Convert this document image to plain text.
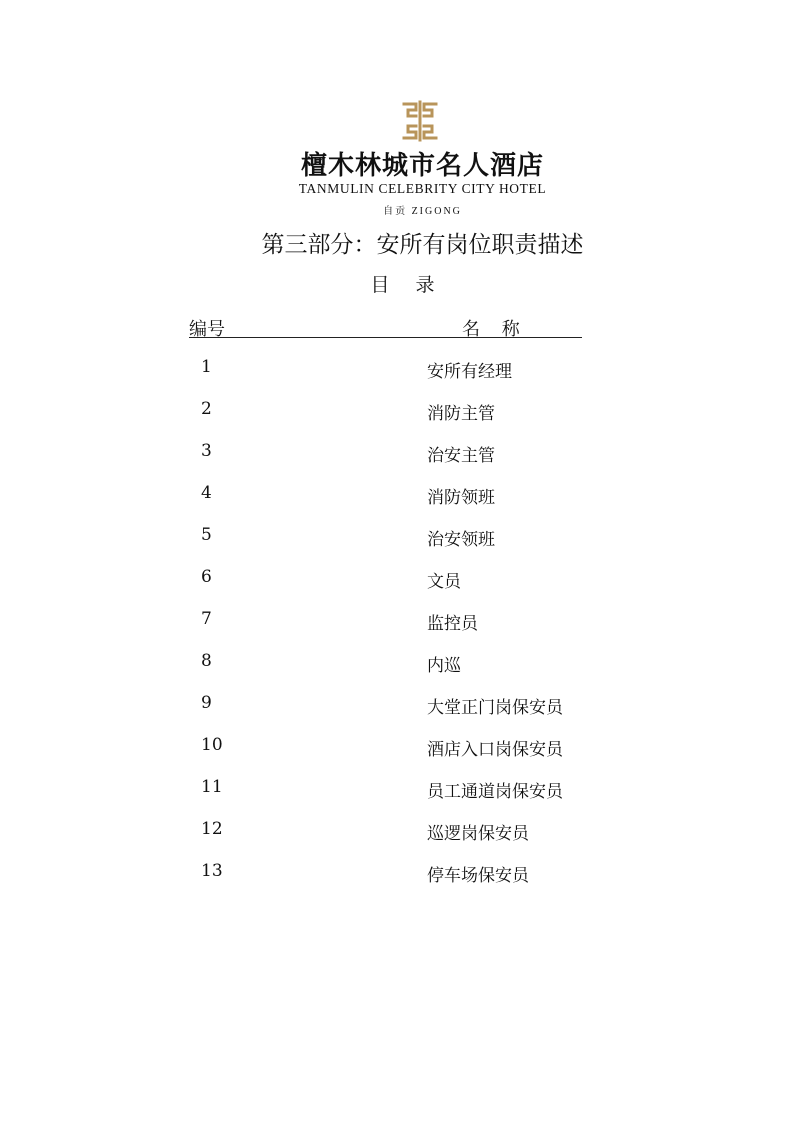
檀木林城市名人酒店
TANMULIN CELEBRITY CITY HOTEL
自贡 ZIGONG
第三部分：安所有岗位职责描述
目 录
编号	名 称
1	安所有经理
2	消防主管
3	治安主管
4	消防领班
5	治安领班
6	文员
7	监控员
8	内巡
9	大堂正门岗保安员
10	酒店入口岗保安员
11	员工通道岗保安员
12	巡逻岗保安员
13	停车场保安员
